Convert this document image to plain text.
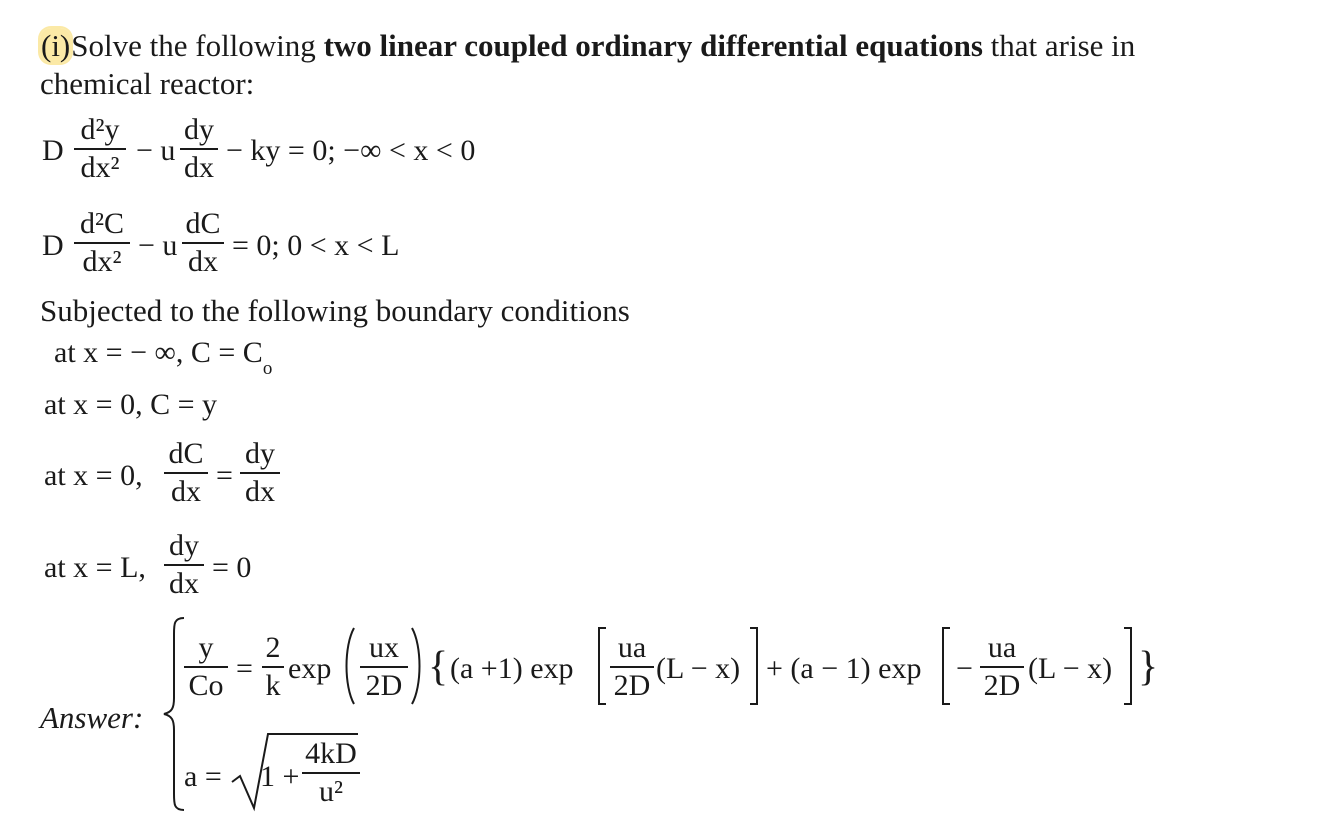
(i)Solve the following two linear coupled ordinary differential equations that arise in
chemical reactor:
D
d²y
dx² − u
dy
dx − ky = 0; −∞ < x < 0
D
d²C
dx² − u
dC
dx = 0; 0 < x < L
Subjected to the following boundary conditions
at x = − ∞, $C = C_o$
at x = 0, C = y
at x = 0,
dC
dx =
dy
dx
at x = L,
dy
dx = 0
Answer:
y
Co =
2
k exp
ux
2D { (a +1) exp
ua
2D (L − x) + (a − 1) exp −
ua
2D (L − x) }
a = 1 +
4kD
u²
